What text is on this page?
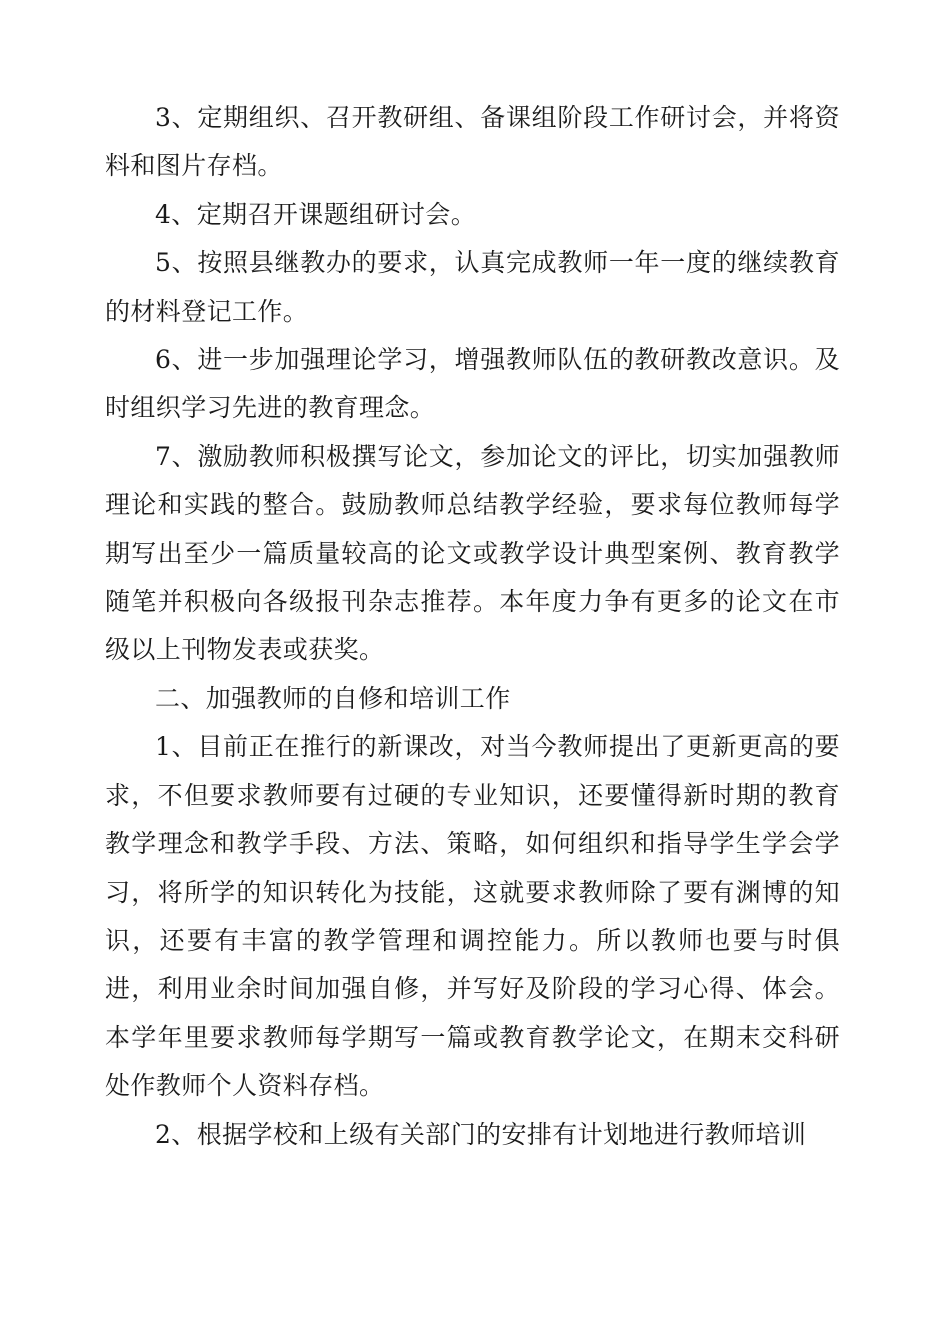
3、定期组织、召开教研组、备课组阶段工作研讨会，并将资料和图片存档。

4、定期召开课题组研讨会。

5、按照县继教办的要求，认真完成教师一年一度的继续教育的材料登记工作。

6、进一步加强理论学习，增强教师队伍的教研教改意识。及时组织学习先进的教育理念。

7、激励教师积极撰写论文，参加论文的评比，切实加强教师理论和实践的整合。鼓励教师总结教学经验，要求每位教师每学期写出至少一篇质量较高的论文或教学设计典型案例、教育教学随笔并积极向各级报刊杂志推荐。本年度力争有更多的论文在市级以上刊物发表或获奖。

二、加强教师的自修和培训工作

1、目前正在推行的新课改，对当今教师提出了更新更高的要求，不但要求教师要有过硬的专业知识，还要懂得新时期的教育教学理念和教学手段、方法、策略，如何组织和指导学生学会学习，将所学的知识转化为技能，这就要求教师除了要有渊博的知识，还要有丰富的教学管理和调控能力。所以教师也要与时俱进，利用业余时间加强自修，并写好及阶段的学习心得、体会。本学年里要求教师每学期写一篇或教育教学论文，在期末交科研处作教师个人资料存档。

2、根据学校和上级有关部门的安排有计划地进行教师培训
